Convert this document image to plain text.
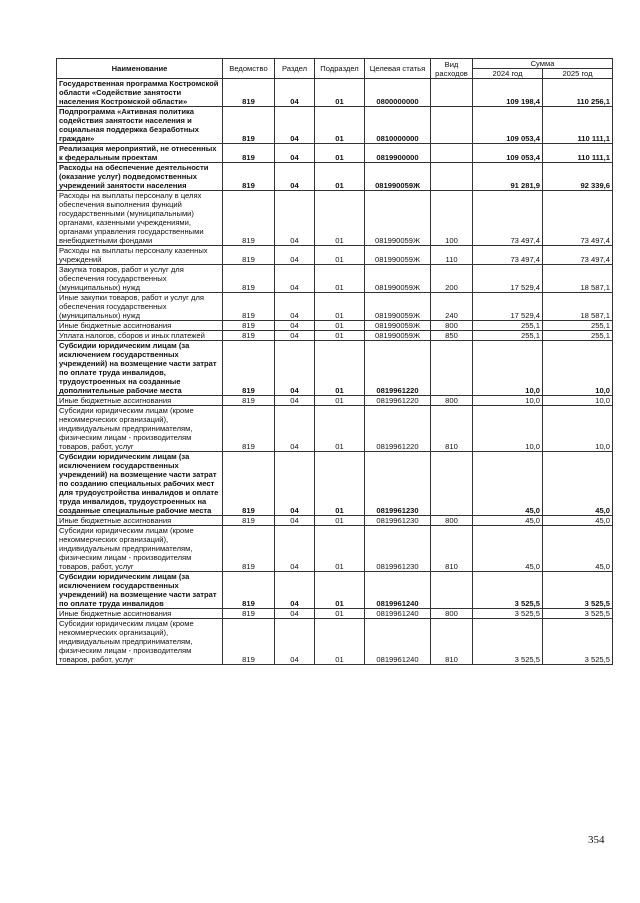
Наименование	Ведомство	Раздел	Подраздел	Целевая статья	Вид расходов	Сумма	
						2024 год	2025 год
Государственная программа Костромской области «Содействие занятости населения Костромской области»	819	04	01	0800000000		109 198,4	110 256,1
Подпрограмма «Активная политика содействия занятости населения и социальная поддержка безработных граждан»	819	04	01	0810000000		109 053,4	110 111,1
Реализация мероприятий, не отнесенных к федеральным проектам	819	04	01	0819900000		109 053,4	110 111,1
Расходы на обеспечение деятельности (оказание услуг) подведомственных учреждений занятости населения	819	04	01	081990059Ж		91 281,9	92 339,6
Расходы на выплаты персоналу в целях обеспечения выполнения функций государственными (муниципальными) органами, казенными учреждениями, органами управления государственными внебюджетными фондами	819	04	01	081990059Ж	100	73 497,4	73 497,4
Расходы на выплаты персоналу казенных учреждений	819	04	01	081990059Ж	110	73 497,4	73 497,4
Закупка товаров, работ и услуг для обеспечения государственных (муниципальных) нужд	819	04	01	081990059Ж	200	17 529,4	18 587,1
Иные закупки товаров, работ и услуг для обеспечения государственных (муниципальных) нужд	819	04	01	081990059Ж	240	17 529,4	18 587,1
Иные бюджетные ассигнования	819	04	01	081990059Ж	800	255,1	255,1
Уплата налогов, сборов и иных платежей	819	04	01	081990059Ж	850	255,1	255,1
Субсидии юридическим лицам (за исключением государственных учреждений) на возмещение части затрат по оплате труда инвалидов, трудоустроенных на созданные дополнительные рабочие места	819	04	01	0819961220		10,0	10,0
Иные бюджетные ассигнования	819	04	01	0819961220	800	10,0	10,0
Субсидии юридическим лицам (кроме некоммерческих организаций), индивидуальным предпринимателям, физическим лицам - производителям товаров, работ, услуг	819	04	01	0819961220	810	10,0	10,0
Субсидии юридическим лицам (за исключением государственных учреждений) на возмещение части затрат по созданию специальных рабочих мест для трудоустройства инвалидов и оплате труда инвалидов, трудоустроенных на созданные специальные рабочие места	819	04	01	0819961230		45,0	45,0
Иные бюджетные ассигнования	819	04	01	0819961230	800	45,0	45,0
Субсидии юридическим лицам (кроме некоммерческих организаций), индивидуальным предпринимателям, физическим лицам - производителям товаров, работ, услуг	819	04	01	0819961230	810	45,0	45,0
Субсидии юридическим лицам (за исключением государственных учреждений) на возмещение части затрат по оплате труда инвалидов	819	04	01	0819961240		3 525,5	3 525,5
Иные бюджетные ассигнования	819	04	01	0819961240	800	3 525,5	3 525,5
Субсидии юридическим лицам (кроме некоммерческих организаций), индивидуальным предпринимателям, физическим лицам - производителям товаров, работ, услуг	819	04	01	0819961240	810	3 525,5	3 525,5
354
